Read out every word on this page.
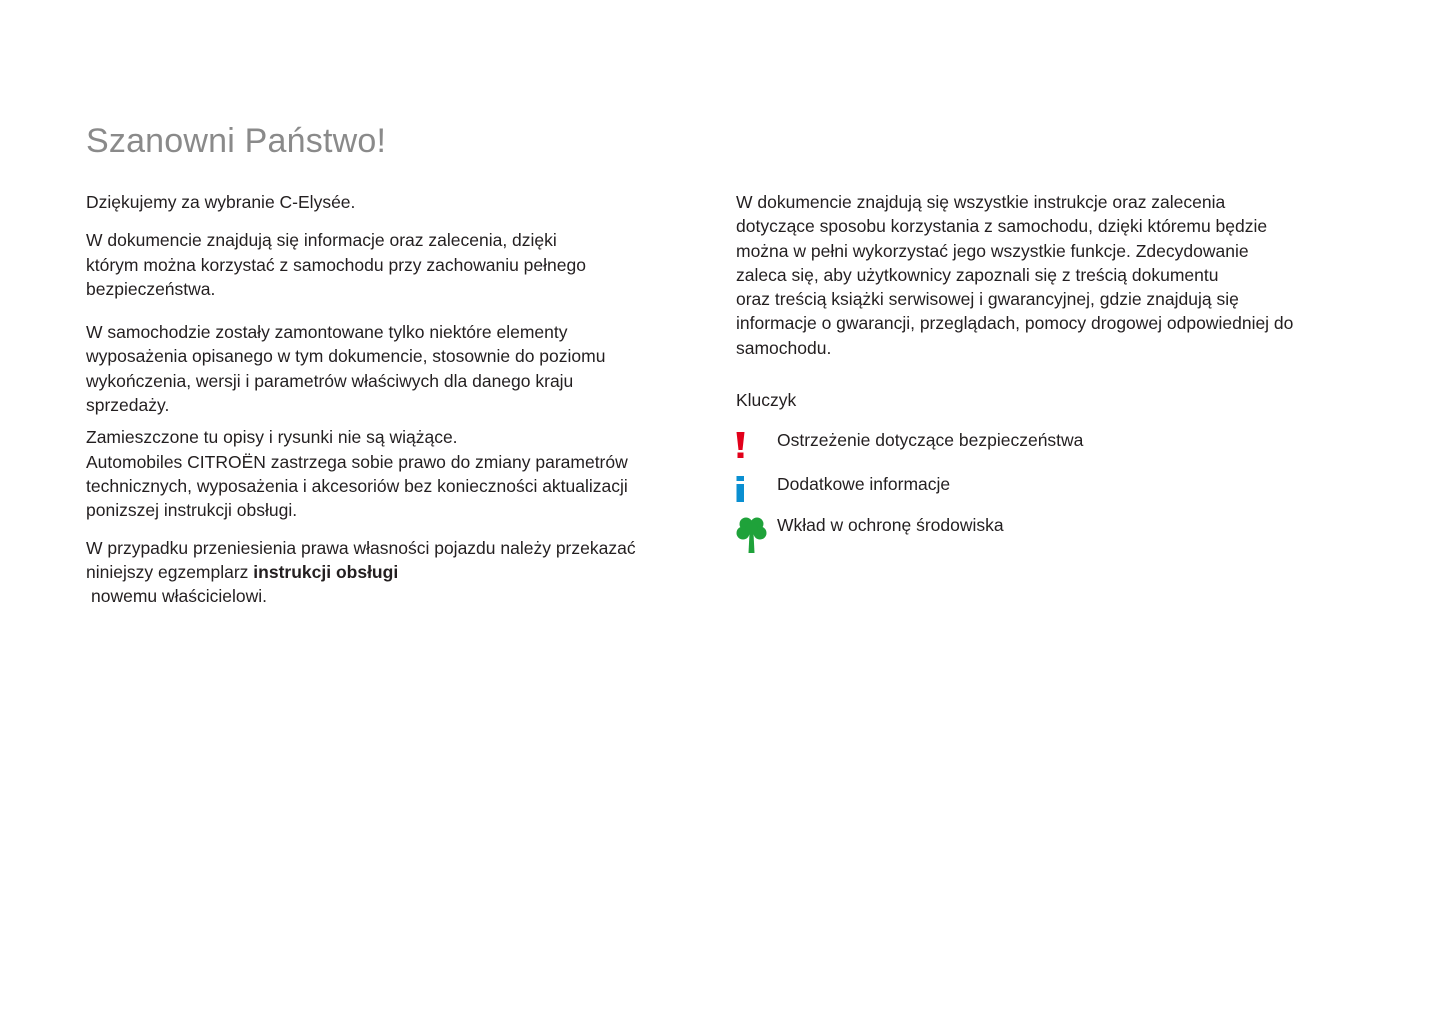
Szanowni Państwo!

Dziękujemy za wybranie C-Elysée.

W dokumencie znajdują się informacje oraz zalecenia, dzięki
którym można korzystać z samochodu przy zachowaniu pełnego
bezpieczeństwa.

W samochodzie zostały zamontowane tylko niektóre elementy
wyposażenia opisanego w tym dokumencie, stosownie do poziomu
wykończenia, wersji i parametrów właściwych dla danego kraju
sprzedaży.

Zamieszczone tu opisy i rysunki nie są wiążące.
Automobiles CITROËN zastrzega sobie prawo do zmiany parametrów
technicznych, wyposażenia i akcesoriów bez konieczności aktualizacji
ponizszej instrukcji obsługi.

W przypadku przeniesienia prawa własności pojazdu należy przekazać
niniejszy egzemplarz instrukcji obsługi
nowemu właścicielowi.

W dokumencie znajdują się wszystkie instrukcje oraz zalecenia
dotyczące sposobu korzystania z samochodu, dzięki któremu będzie
można w pełni wykorzystać jego wszystkie funkcje. Zdecydowanie
zaleca się, aby użytkownicy zapoznali się z treścią dokumentu
oraz treścią książki serwisowej i gwarancyjnej, gdzie znajdują się
informacje o gwarancji, przeglądach, pomocy drogowej odpowiedniej do
samochodu.

Kluczyk
Ostrzeżenie dotyczące bezpieczeństwa
Dodatkowe informacje
Wkład w ochronę środowiska
